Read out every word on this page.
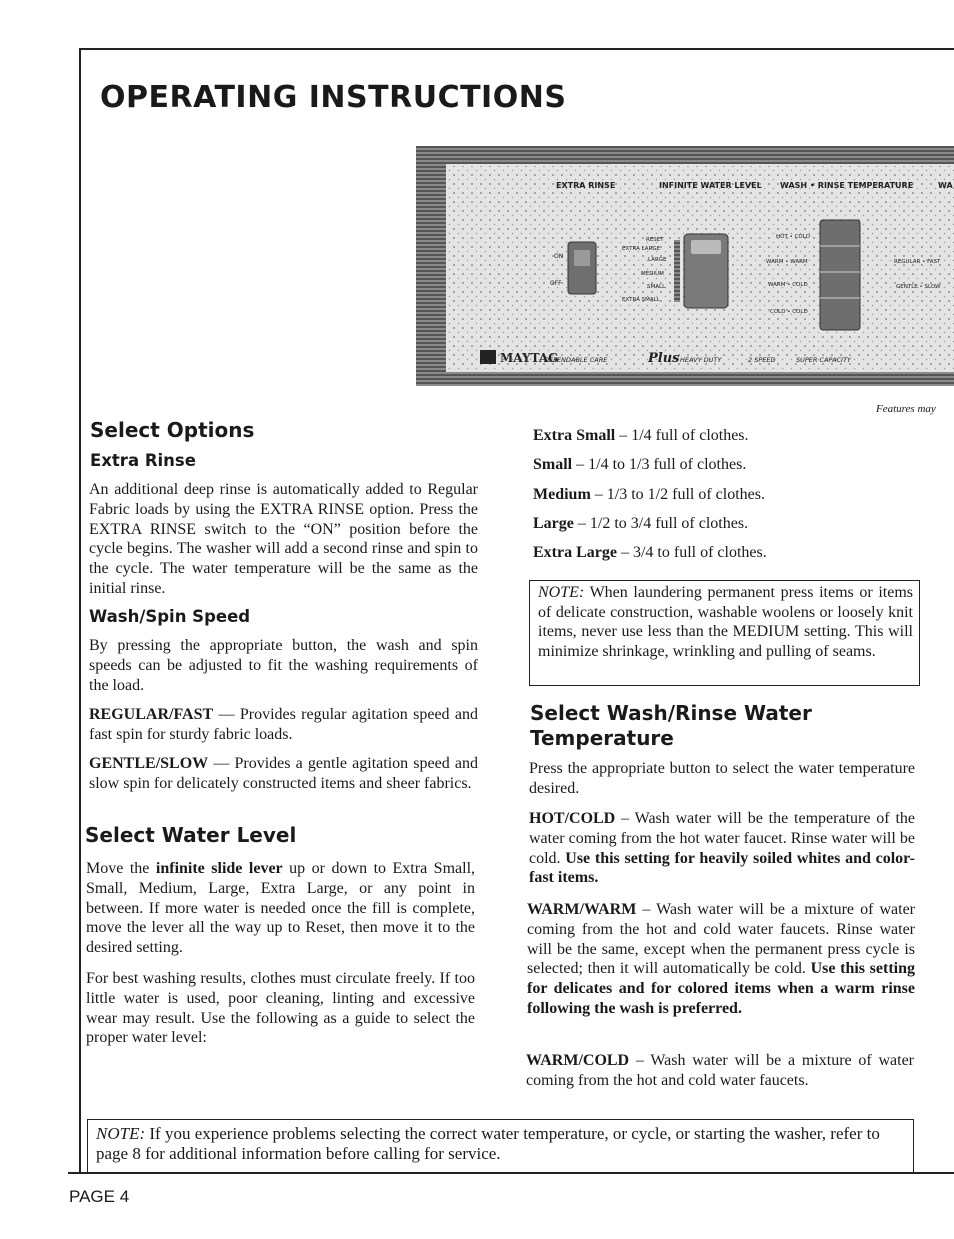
OPERATING INSTRUCTIONS
EXTRA RINSE	INFINITE WATER LEVEL WASH • RINSE TEMPERATURE	WA
ON
OFF
RESET
EXTRA LARGE
LARGE
MEDIUM
SMALL
EXTRA SMALL
HOT • COLD
WARM • WARM
WARM • COLD
COLD • COLD
REGULAR • FAST
GENTLE • SLOW
MAYTAG
DEPENDABLE CARE	Plus HEAVY DUTY	2 SPEED	SUPER CAPACITY
Features may
Select Options
Extra Rinse
An additional deep rinse is automatically added to Regular Fabric loads by using the EXTRA RINSE option. Press the EXTRA RINSE switch to the “ON” position before the cycle begins. The washer will add a second rinse and spin to the cycle. The water temperature will be the same as the initial rinse.
Wash/Spin Speed
By pressing the appropriate button, the wash and spin speeds can be adjusted to fit the washing requirements of the load.
REGULAR/FAST — Provides regular agitation speed and fast spin for sturdy fabric loads.
GENTLE/SLOW — Provides a gentle agitation speed and slow spin for delicately constructed items and sheer fabrics.
Select Water Level
Move the infinite slide lever up or down to Extra Small, Small, Medium, Large, Extra Large, or any point in between. If more water is needed once the fill is complete, move the lever all the way up to Reset, then move it to the desired setting.
For best washing results, clothes must circulate freely. If too little water is used, poor cleaning, linting and excessive wear may result. Use the following as a guide to select the proper water level:
Extra Small – 1/4 full of clothes.
Small – 1/4 to 1/3 full of clothes.
Medium – 1/3 to 1/2 full of clothes.
Large – 1/2 to 3/4 full of clothes.
Extra Large – 3/4 to full of clothes.
NOTE: When laundering permanent press items or items of delicate construction, washable woolens or loosely knit items, never use less than the MEDIUM setting. This will minimize shrinkage, wrinkling and pulling of seams.
Select Wash/Rinse Water Temperature
Press the appropriate button to select the water temperature desired.
HOT/COLD – Wash water will be the temperature of the water coming from the hot water faucet. Rinse water will be cold. Use this setting for heavily soiled whites and color-fast items.
WARM/WARM – Wash water will be a mixture of water coming from the hot and cold water faucets. Rinse water will be the same, except when the permanent press cycle is selected; then it will automatically be cold. Use this setting for delicates and for colored items when a warm rinse following the wash is preferred.
WARM/COLD – Wash water will be a mixture of water coming from the hot and cold water faucets.
NOTE: If you experience problems selecting the correct water temperature, or cycle, or starting the washer, refer to page 8 for additional information before calling for service.
PAGE 4
